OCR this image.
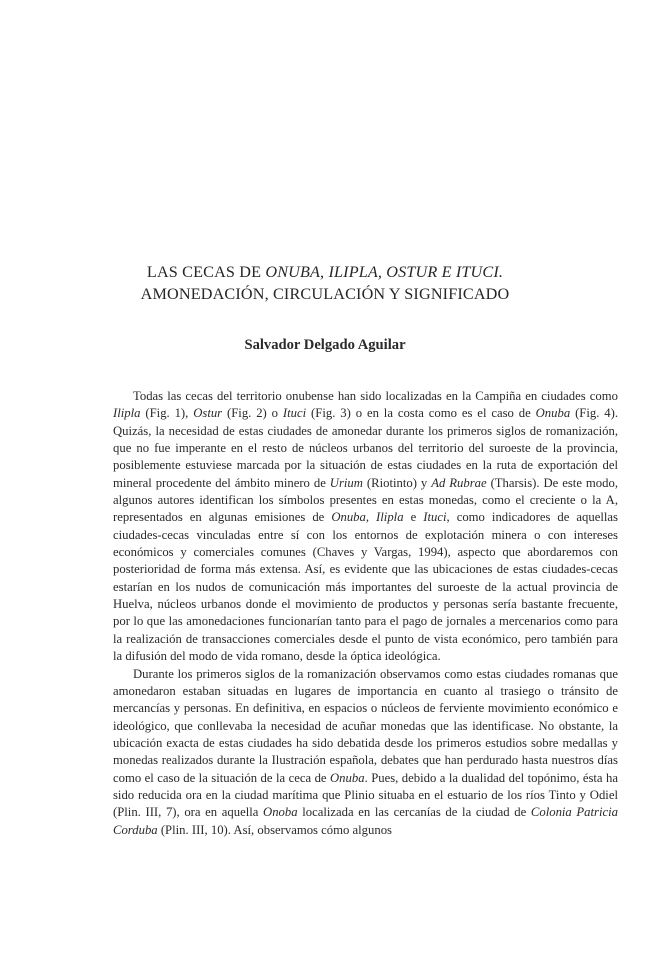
LAS CECAS DE ONUBA, ILIPLA, OSTUR E ITUCI.
AMONEDACIÓN, CIRCULACIÓN Y SIGNIFICADO
Salvador Delgado Aguilar

Todas las cecas del territorio onubense han sido localizadas en la Campiña en ciudades como Ilipla (Fig. 1), Ostur (Fig. 2) o Ituci (Fig. 3) o en la costa como es el caso de Onuba (Fig. 4). Quizás, la necesidad de estas ciudades de amonedar durante los primeros siglos de romanización, que no fue imperante en el resto de núcleos urbanos del territorio del suroeste de la provincia, posiblemente estuviese marcada por la situación de estas ciudades en la ruta de exportación del mineral procedente del ámbito minero de Urium (Riotinto) y Ad Rubrae (Tharsis). De este modo, algunos autores identifican los símbolos presentes en estas monedas, como el creciente o la A, representados en algunas emisiones de Onuba, Ilipla e Ituci, como indicadores de aquellas ciudades-cecas vinculadas entre sí con los entornos de explotación minera o con intereses económicos y comerciales comunes (Chaves y Vargas, 1994), aspecto que abordaremos con posterioridad de forma más extensa. Así, es evidente que las ubicaciones de estas ciudades-cecas estarían en los nudos de comunicación más importantes del suroeste de la actual provincia de Huelva, núcleos urbanos donde el movimiento de productos y personas sería bastante frecuente, por lo que las amonedaciones funcionarían tanto para el pago de jornales a mercenarios como para la realización de transacciones comerciales desde el punto de vista económico, pero también para la difusión del modo de vida romano, desde la óptica ideológica.

Durante los primeros siglos de la romanización observamos como estas ciudades romanas que amonedaron estaban situadas en lugares de importancia en cuanto al trasiego o tránsito de mercancías y personas. En definitiva, en espacios o núcleos de ferviente movimiento económico e ideológico, que conllevaba la necesidad de acuñar monedas que las identificase. No obstante, la ubicación exacta de estas ciudades ha sido debatida desde los primeros estudios sobre medallas y monedas realizados durante la Ilustración española, debates que han perdurado hasta nuestros días como el caso de la situación de la ceca de Onuba. Pues, debido a la dualidad del topónimo, ésta ha sido reducida ora en la ciudad marítima que Plinio situaba en el estuario de los ríos Tinto y Odiel (Plin. III, 7), ora en aquella Onoba localizada en las cercanías de la ciudad de Colonia Patricia Corduba (Plin. III, 10). Así, observamos cómo algunos
